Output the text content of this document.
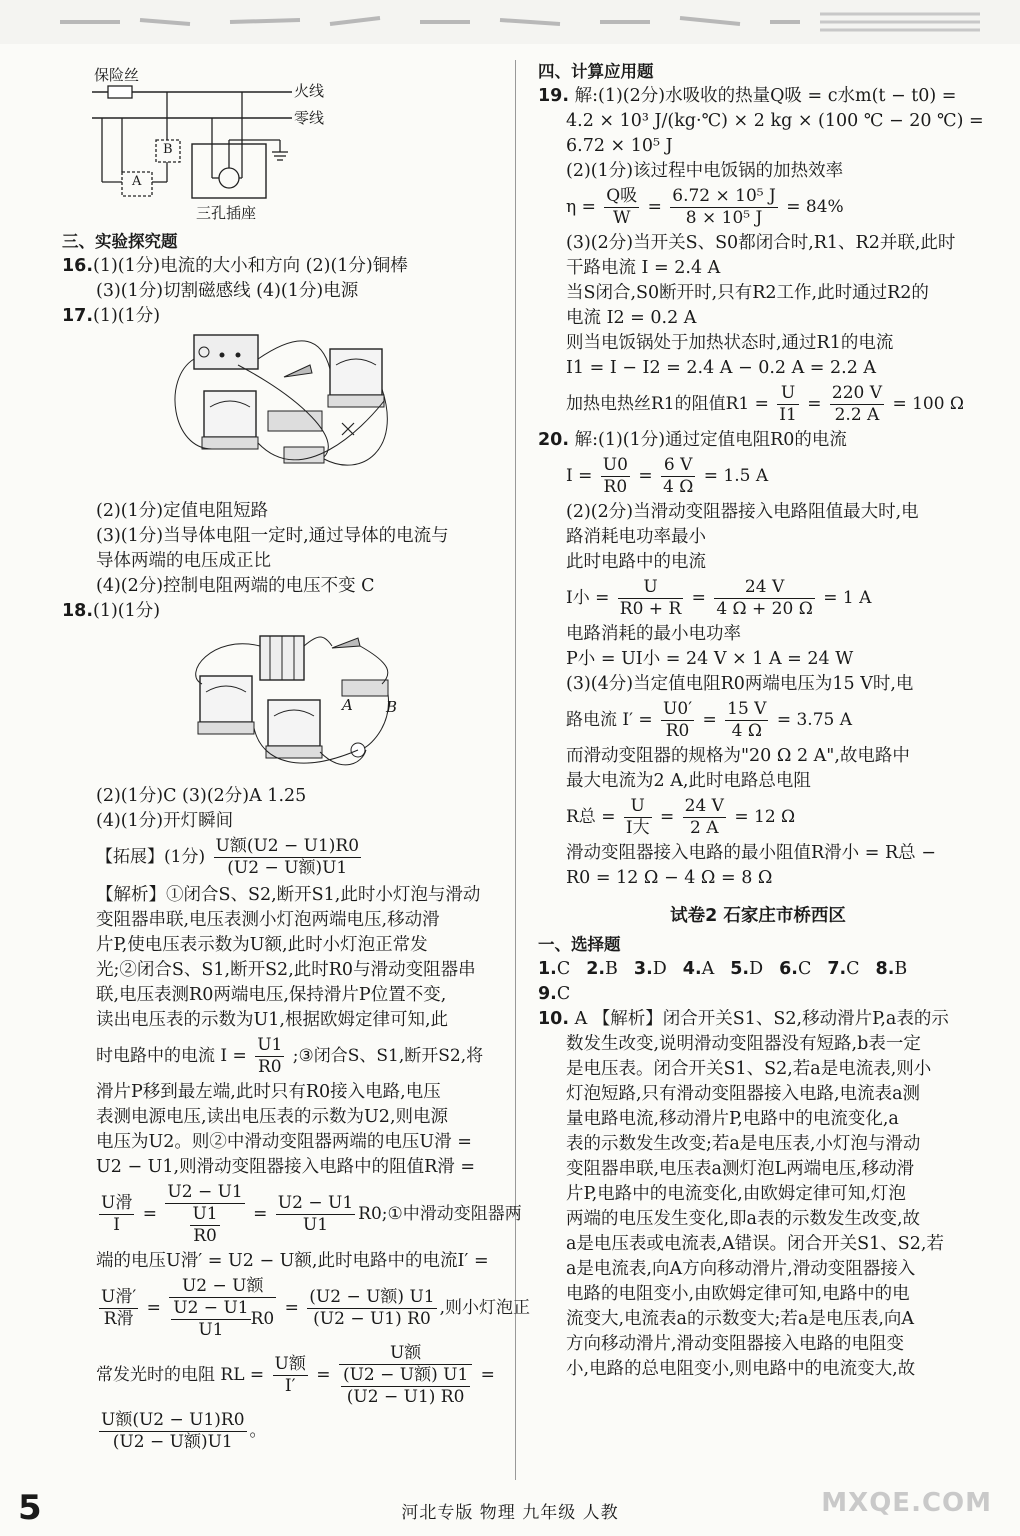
保险丝
火线
零线
B
A
三孔插座
三、实验探究题
16.(1)(1分)电流的大小和方向 (2)(1分)铜棒
(3)(1分)切割磁感线 (4)(1分)电源
17.(1)(1分)
(2)(1分)定值电阻短路
(3)(1分)当导体电阻一定时,通过导体的电流与
导体两端的电压成正比
(4)(2分)控制电阻两端的电压不变 C
18.(1)(1分)
A B
(2)(1分)C (3)(2分)A 1.25
(4)(1分)开灯瞬间
【拓展】(1分) $\frac{\text{U额(U2 − U1)R0}}{\text{(U2 − U额)U1}}$
【解析】①闭合S、S2,断开S1,此时小灯泡与滑动
变阻器串联,电压表测小灯泡两端电压,移动滑
片P,使电压表示数为U额,此时小灯泡正常发
光;②闭合S、S1,断开S2,此时R0与滑动变阻器串
联,电压表测R0两端电压,保持滑片P位置不变,
读出电压表的示数为U1,根据欧姆定律可知,此
时电路中的电流 $I = \frac{U1}{R0}$ ;③闭合S、S1,断开S2,将
滑片P移到最左端,此时只有R0接入电路,电压
表测电源电压,读出电压表的示数为U2,则电源
电压为U2。则②中滑动变阻器两端的电压U滑 =
U2 − U1,则滑动变阻器接入电路中的阻值R滑 =
$\frac{\text{U滑}}{I} = \frac{U2 - U1}{\frac{U1}{R0}} = \frac{U2 - U1}{U1}$ R0;①中滑动变阻器两
端的电压U滑′ = U2 − U额,此时电路中的电流I′ =
$\frac{\text{U滑′}}{\text{R滑}} = \frac{\text{U2 − U额}}{\frac{U2 - U1}{U1} R0} = \frac{\text{(U2 − U额) U1}}{(U2 - U1) R0}$ ,则小灯泡正
常发光时的电阻 RL = $\frac{\text{U额}}{I'} = \frac{\text{U额}}{\frac{\text{(U2 − U额) U1}}{(U2 - U1) R0}}$ =
$\frac{\text{U额(U2 − U1)R0}}{\text{(U2 − U额)U1}}$ 。
四、计算应用题
19. 解:(1)(2分)水吸收的热量Q吸 = c水m(t − t0) =
4.2 × 10³ J/(kg·℃) × 2 kg × (100 ℃ − 20 ℃) =
6.72 × 10⁵ J
(2)(1分)该过程中电饭锅的加热效率
$\eta = \frac{\text{Q吸}}{W} = \frac{\text{6.72 × 10⁵ J}}{\text{8 × 10⁵ J}} = 84\%$
(3)(2分)当开关S、S0都闭合时,R1、R2并联,此时
干路电流 I = 2.4 A
当S闭合,S0断开时,只有R2工作,此时通过R2的
电流 I2 = 0.2 A
则当电饭锅处于加热状态时,通过R1的电流
I1 = I − I2 = 2.4 A − 0.2 A = 2.2 A
加热电热丝R1的阻值$R1 = \frac{U}{I1} = \frac{220 V}{2.2 A} = 100$ Ω
20. 解:(1)(1分)通过定值电阻R0的电流
$I = \frac{U0}{R0} = \frac{6 V}{4 \Omega} = 1.5$ A
(2)(2分)当滑动变阻器接入电路阻值最大时,电
路消耗电功率最小
此时电路中的电流
I小 = $\frac{U}{R0 + R} = \frac{24 V}{4 \Omega + 20 \Omega} = 1$ A
电路消耗的最小电功率
P小 = UI小 = 24 V × 1 A = 24 W
(3)(4分)当定值电阻R0两端电压为15 V时,电
路电流 $I' = \frac{U0'}{R0} = \frac{15 V}{4 \Omega} = 3.75$ A
而滑动变阻器的规格为"20 Ω 2 A",故电路中
最大电流为2 A,此时电路总电阻
R总 = $\frac{U}{\text{I大}} = \frac{24 V}{2 A} = 12$ Ω
滑动变阻器接入电路的最小阻值R滑小 = R总 −
R0 = 12 Ω − 4 Ω = 8 Ω
试卷2 石家庄市桥西区
一、选择题
1.C 2.B 3.D 4.A 5.D 6.C 7.C 8.B
9.C
10. A 【解析】闭合开关S1、S2,移动滑片P,a表的示
数发生改变,说明滑动变阻器没有短路,b表一定
是电压表。闭合开关S1、S2,若a是电流表,则小
灯泡短路,只有滑动变阻器接入电路,电流表a测
量电路电流,移动滑片P,电路中的电流变化,a
表的示数发生改变;若a是电压表,小灯泡与滑动
变阻器串联,电压表a测灯泡L两端电压,移动滑
片P,电路中的电流变化,由欧姆定律可知,灯泡
两端的电压发生变化,即a表的示数发生改变,故
a是电压表或电流表,A错误。闭合开关S1、S2,若
a是电流表,向A方向移动滑片,滑动变阻器接入
电路的电阻变小,由欧姆定律可知,电路中的电
流变大,电流表a的示数变大;若a是电压表,向A
方向移动滑片,滑动变阻器接入电路的电阻变
小,电路的总电阻变小,则电路中的电流变大,故
5	河北专版 物理 九年级 人教	MXQE.COM
